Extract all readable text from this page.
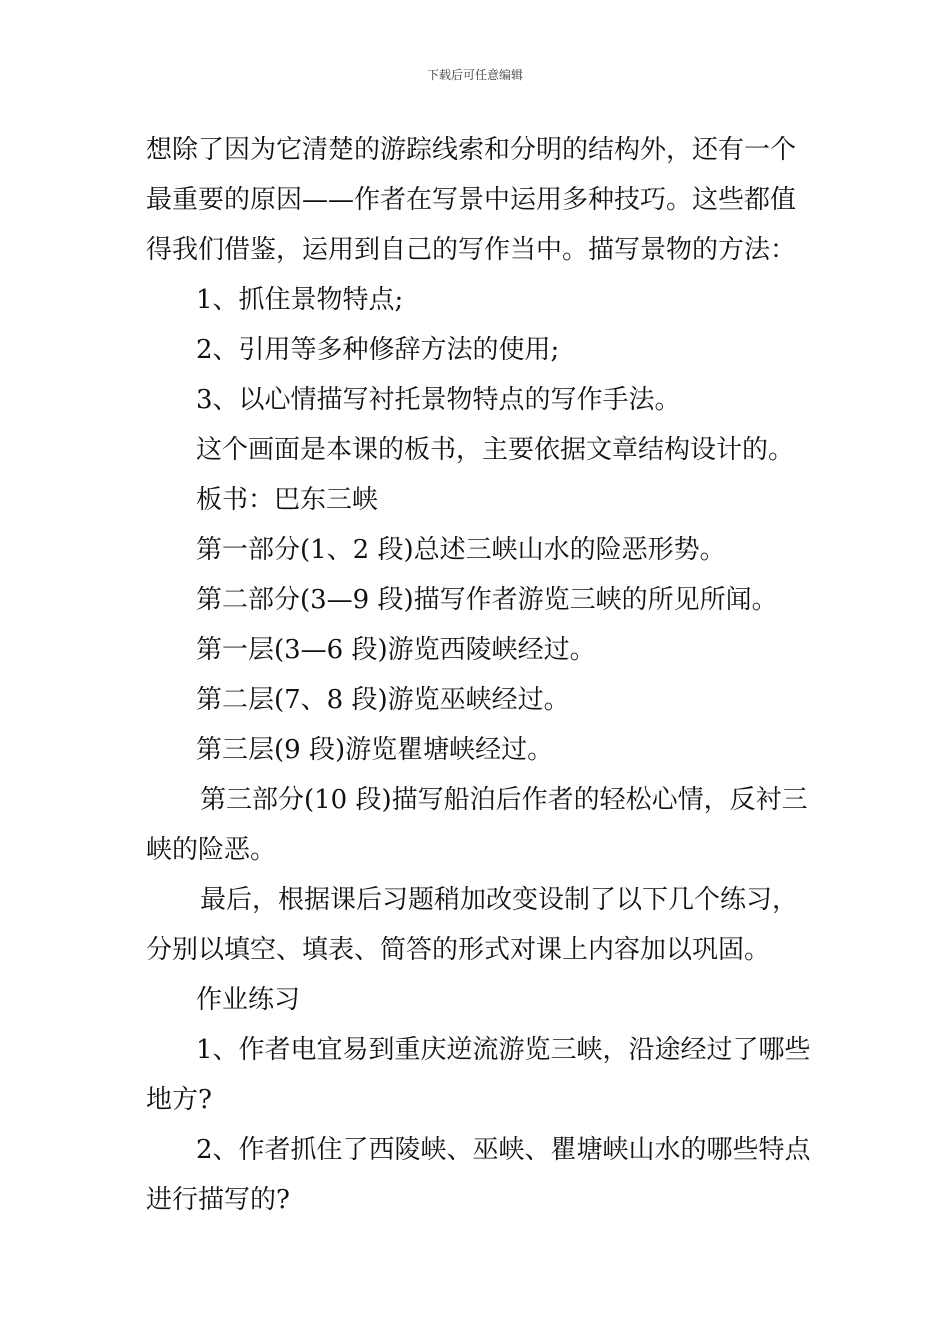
下载后可任意编辑
想除了因为它清楚的游踪线索和分明的结构外，还有一个
最重要的原因——作者在写景中运用多种技巧。这些都值
得我们借鉴，运用到自己的写作当中。描写景物的方法：
1、抓住景物特点;
2、引用等多种修辞方法的使用;
3、以心情描写衬托景物特点的写作手法。
这个画面是本课的板书，主要依据文章结构设计的。
板书：巴东三峡
第一部分(1、2 段)总述三峡山水的险恶形势。
第二部分(3—9 段)描写作者游览三峡的所见所闻。
第一层(3—6 段)游览西陵峡经过。
第二层(7、8 段)游览巫峡经过。
第三层(9 段)游览瞿塘峡经过。
第三部分(10 段)描写船泊后作者的轻松心情，反衬三
峡的险恶。
最后，根据课后习题稍加改变设制了以下几个练习，
分别以填空、填表、简答的形式对课上内容加以巩固。
作业练习
1、作者电宜易到重庆逆流游览三峡，沿途经过了哪些
地方?
2、作者抓住了西陵峡、巫峡、瞿塘峡山水的哪些特点
进行描写的?
